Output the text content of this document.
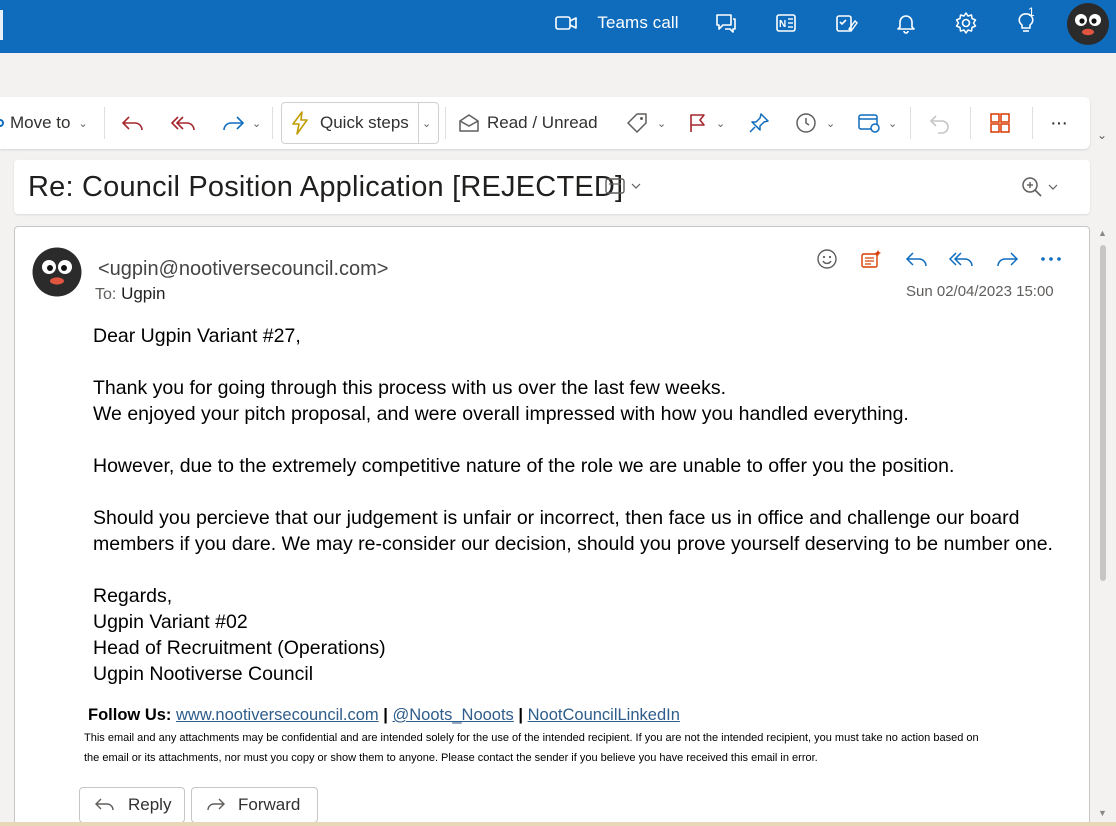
Teams call	N
1
Move to ⌄	⌄	Quick steps ⌄	Read / Unread	⌄	⌄	⌄	⌄	···
⌄
Re: Council Position Application [REJECTED]
<ugpin@nootiversecouncil.com>
To: Ugpin	Sun 02/04/2023 15:00

Dear Ugpin Variant #27,

Thank you for going through this process with us over the last few weeks.

We enjoyed your pitch proposal, and were overall impressed with how you handled everything.

However, due to the extremely competitive nature of the role we are unable to offer you the position.

Should you percieve that our judgement is unfair or incorrect, then face us in office and challenge our board

members if you dare. We may re-consider our decision, should you prove yourself deserving to be number one.

Regards,

Ugpin Variant #02

Head of Recruitment (Operations)

Ugpin Nootiverse Council

Follow Us: www.nootiversecouncil.com | @Noots_Nooots | NootCouncilLinkedIn
This email and any attachments may be confidential and are intended solely for the use of the intended recipient. If you are not the intended recipient, you must take no action based on
the email or its attachments, nor must you copy or show them to anyone. Please contact the sender if you believe you have received this email in error.
Reply	Forward
▲
▼
